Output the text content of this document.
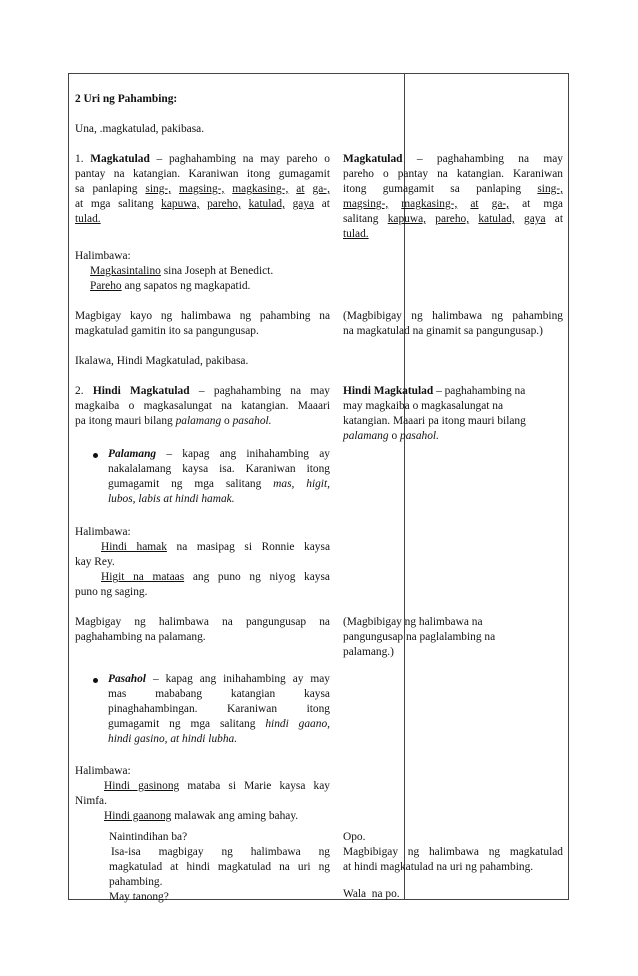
2 Uri ng Pahambing:
Una, .magkatulad, pakibasa.
1. Magkatulad – paghahambing na may pareho o
pantay na katangian. Karaniwan itong gumagamit
sa panlaping sing-, magsing-, magkasing-, at ga-,
at mga salitang kapuwa, pareho, katulad, gaya at
tulad.
Halimbawa:
Magkasintalino sina Joseph at Benedict.
Pareho ang sapatos ng magkapatid.
Magbigay kayo ng halimbawa ng pahambing na
magkatulad gamitin ito sa pangungusap.
Ikalawa, Hindi Magkatulad, pakibasa.
2. Hindi Magkatulad – paghahambing na may
magkaiba o magkasalungat na katangian. Maaari
pa itong mauri bilang palamang o pasahol.
Palamang – kapag ang inihahambing ay
nakalalamang kaysa isa. Karaniwan itong
gumagamit ng mga salitang mas, higit,
lubos, labis at hindi hamak.
Halimbawa:
Hindi hamak na masipag si Ronnie kaysa
kay Rey.
Higit na mataas ang puno ng niyog kaysa
puno ng saging.
Magbigay ng halimbawa na pangungusap na
paghahambing na palamang.
Pasahol – kapag ang inihahambing ay may
mas mababang katangian kaysa
pinaghahambingan. Karaniwan itong
gumagamit ng mga salitang hindi gaano,
hindi gasino, at hindi lubha.
Halimbawa:
Hindi gasinong mataba si Marie kaysa kay
Nimfa.
Hindi gaanong malawak ang aming bahay.
Naintindihan ba?
Isa-isa magbigay ng halimbawa ng
magkatulad at hindi magkatulad na uri ng
pahambing.
May tanong?
Magkatulad – paghahambing na may
pareho o pantay na katangian. Karaniwan
itong gumagamit sa panlaping sing-,
magsing-, magkasing-, at ga-, at mga
salitang kapuwa, pareho, katulad, gaya at
tulad.
(Magbibigay ng halimbawa ng pahambing
na magkatulad na ginamit sa pangungusap.)
Hindi Magkatulad – paghahambing na
may magkaiba o magkasalungat na
katangian. Maaari pa itong mauri bilang
palamang o pasahol.
(Magbibigay ng halimbawa na
pangungusap na paglalambing na
palamang.)
Opo.
Magbibigay ng halimbawa ng magkatulad
at hindi magkatulad na uri ng pahambing.
Wala  na po.
